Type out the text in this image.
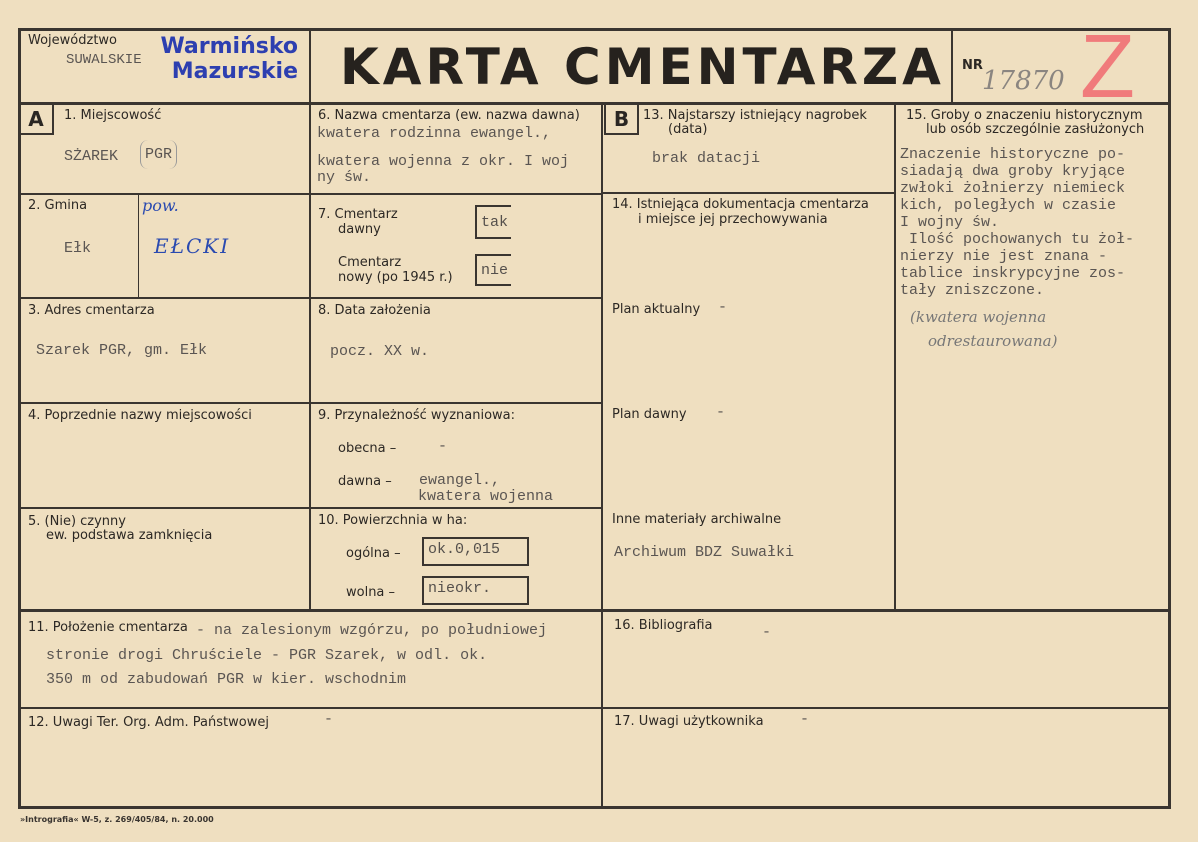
Województwo
SUWALSKIE
Warmińsko
Mazurskie KARTA CMENTARZA NR
17870 Z
A	1. Miejscowość
SŻAREK	PGR
2. Gmina
Ełk
pow.
EŁCKI
3. Adres cmentarza
Szarek PGR, gm. Ełk
4. Poprzednie nazwy miejscowości
5. (Nie) czynny
ew. podstawa zamknięcia
6. Nazwa cmentarza (ew. nazwa dawna)
kwatera rodzinna ewangel.,
kwatera wojenna z okr. I woj
ny św.
7. Cmentarz
dawny	tak
Cmentarz
nowy (po 1945 r.)	nie
8. Data założenia
pocz. XX w.
9. Przynależność wyznaniowa:
obecna –	-
dawna – ewangel.,
kwatera wojenna
10. Powierzchnia w ha:
ogólna –	ok.0,015
wolna –	nieokr.
B	13. Najstarszy istniejący nagrobek
(data)
brak datacji
14. Istniejąca dokumentacja cmentarza
i miejsce jej przechowywania
Plan aktualny -
Plan dawny -
Inne materiały archiwalne
Archiwum BDZ Suwałki
15. Groby o znaczeniu historycznym
lub osób szczególnie zasłużonych
Znaczenie historyczne po-
siadają dwa groby kryjące
zwłoki żołnierzy niemieck
kich, poległych w czasie
I wojny św.
Ilość pochowanych tu żoł-
nierzy nie jest znana -
tablice inskrypcyjne zos-
tały zniszczone.
(kwatera wojenna
odrestaurowana)
11. Położenie cmentarza - na zalesionym wzgórzu, po południowej
stronie drogi Chruściele - PGR Szarek, w odl. ok.
350 m od zabudowań PGR w kier. wschodnim
16. Bibliografia	-
12. Uwagi Ter. Org. Adm. Państwowej	-	17. Uwagi użytkownika -
»Intrografia« W-5, z. 269/405/84, n. 20.000
